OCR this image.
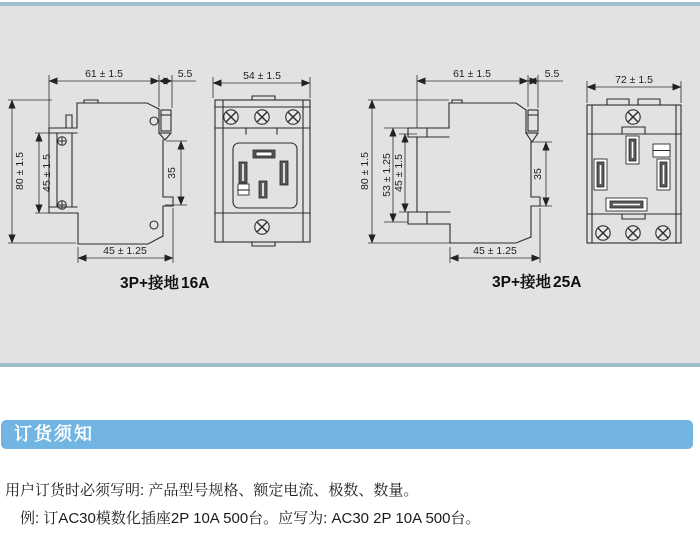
61 ± 1.5	5.5
80 ± 1.5 45 ± 1.5	35
45 ± 1.25
54 ± 1.5	61 ± 1.5	5.5
80 ± 1.5 53 ± 1.25 45 ± 1.5	35
45 ± 1.25
72 ± 1.5
3P+接地 16A	3P+接地 25A
订货须知
用户订货时必须写明: 产品型号规格、额定电流、极数、数量。
例: 订AC30模数化插座2P 10A 500台。应写为: AC30 2P 10A 500台。
